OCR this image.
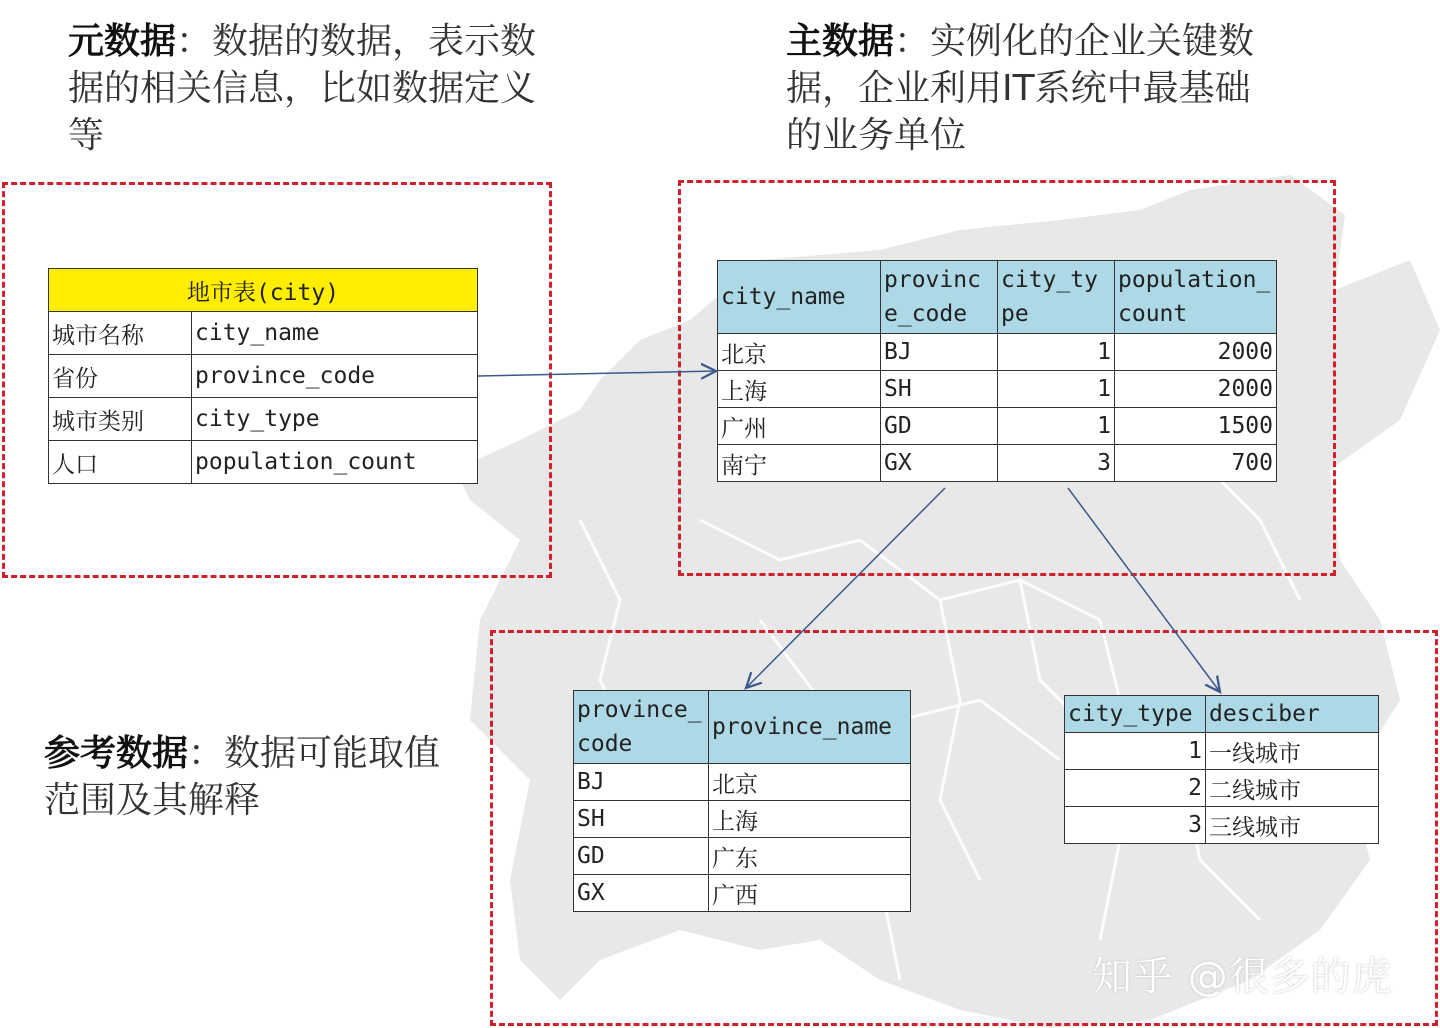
元数据：数据的数据，表示数据的相关信息，比如数据定义等
主数据：实例化的企业关键数据，企业利用IT系统中最基础的业务单位
参考数据：数据可能取值范围及其解释
地市表(city)	
城市名称	city_name
省份	province_code
城市类别	city_type
人口	population_count
city_name	province_code	city_type	population_count
北京	BJ	1	2000
上海	SH	1	2000
广州	GD	1	1500
南宁	GX	3	700
province_code	province_name
BJ	北京
SH	上海
GD	广东
GX	广西
city_type	desciber
1	一线城市
2	二线城市
3	三线城市
知乎 @很多的虎
